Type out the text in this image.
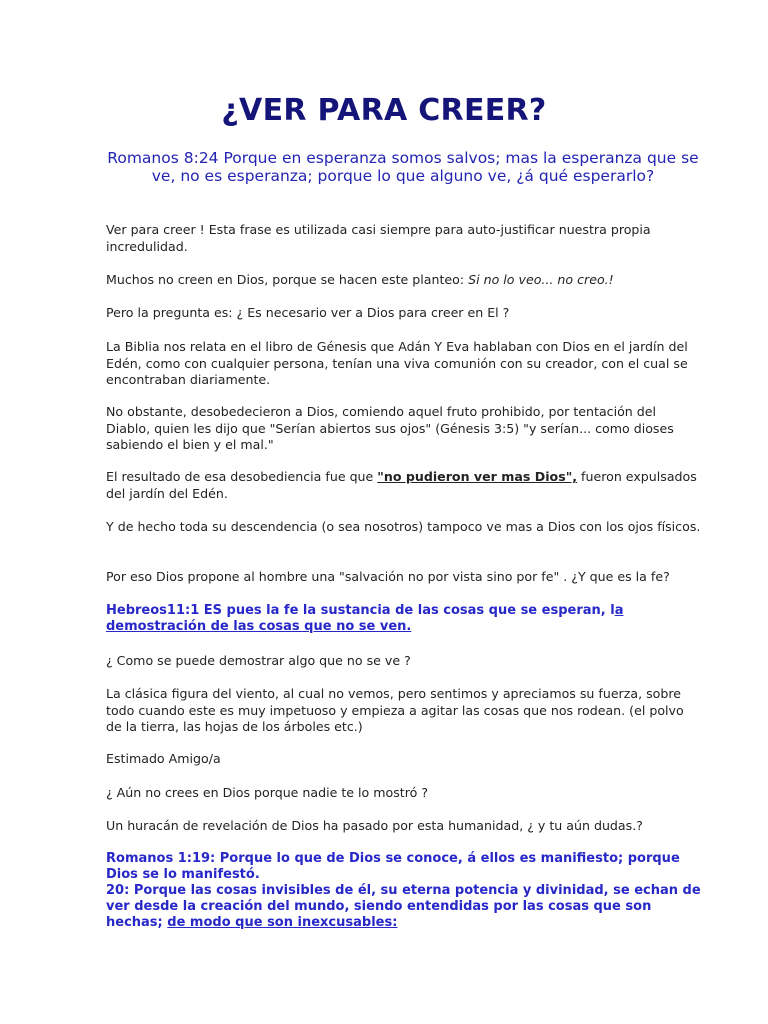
¿VER PARA CREER?

Romanos 8:24 Porque en esperanza somos salvos; mas la esperanza que se ve, no es esperanza; porque lo que alguno ve, ¿á qué esperarlo?

Ver para creer ! Esta frase es utilizada casi siempre para auto-justificar nuestra propia incredulidad.

Muchos no creen en Dios, porque se hacen este planteo: Si no lo veo... no creo.!

Pero la pregunta es: ¿ Es necesario ver a Dios para creer en El ?

La Biblia nos relata en el libro de Génesis que Adán Y Eva hablaban con Dios en el jardín del Edén, como con cualquier persona, tenían una viva comunión con su creador, con el cual se encontraban diariamente.

No obstante, desobedecieron a Dios, comiendo aquel fruto prohibido, por tentación del Diablo, quien les dijo que "Serían abiertos sus ojos" (Génesis 3:5) "y serían... como dioses sabiendo el bien y el mal."

El resultado de esa desobediencia fue que "no pudieron ver mas Dios", fueron expulsados del jardín del Edén.

Y de hecho toda su descendencia (o sea nosotros) tampoco ve mas a Dios con los ojos físicos.

Por eso Dios propone al hombre una "salvación no por vista sino por fe" . ¿Y que es la fe?

Hebreos11:1 ES pues la fe la sustancia de las cosas que se esperan, la demostración de las cosas que no se ven.

¿ Como se puede demostrar algo que no se ve ?

La clásica figura del viento, al cual no vemos, pero sentimos y apreciamos su fuerza, sobre todo cuando este es muy impetuoso y empieza a agitar las cosas que nos rodean. (el polvo de la tierra, las hojas de los árboles etc.)

Estimado Amigo/a

¿ Aún no crees en Dios porque nadie te lo mostró ?

Un huracán de revelación de Dios ha pasado por esta humanidad, ¿ y tu aún dudas.?

Romanos 1:19: Porque lo que de Dios se conoce, á ellos es manifiesto; porque Dios se lo manifestó.
20: Porque las cosas invisibles de él, su eterna potencia y divinidad, se echan de ver desde la creación del mundo, siendo entendidas por las cosas que son hechas; de modo que son inexcusables:
